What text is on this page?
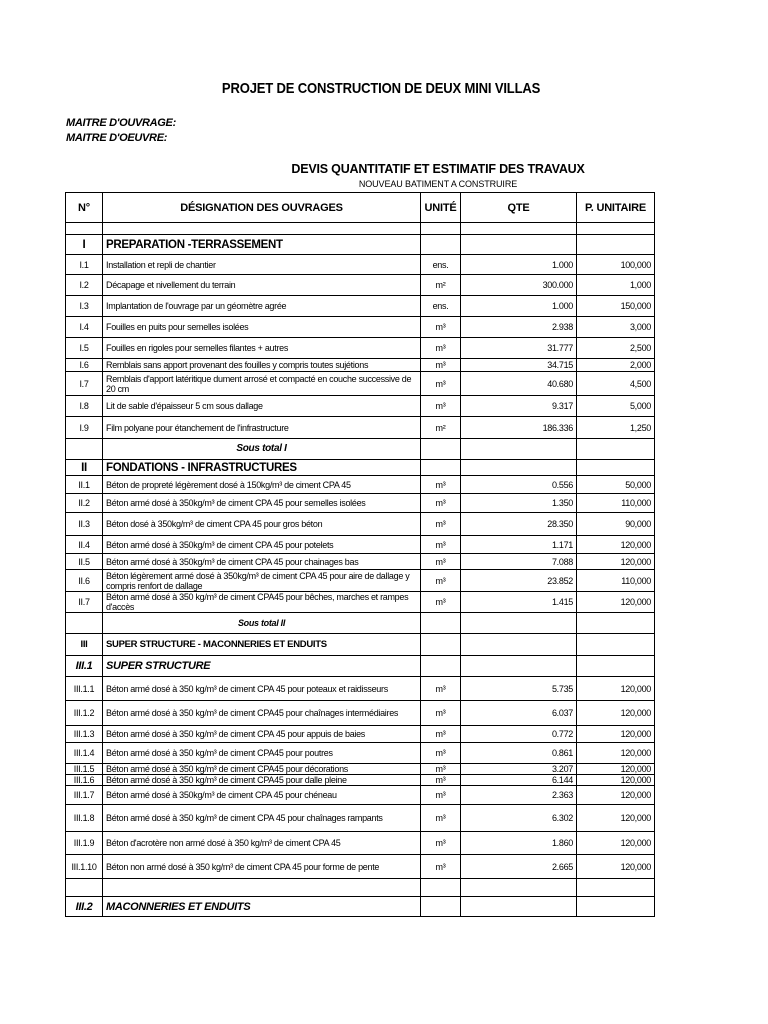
PROJET DE CONSTRUCTION DE DEUX MINI VILLAS
MAITRE D'OUVRAGE:
MAITRE D'OEUVRE:
DEVIS QUANTITATIF ET ESTIMATIF DES TRAVAUX
NOUVEAU BATIMENT A CONSTRUIRE
N°	DÉSIGNATION DES OUVRAGES	UNITÉ	QTE	P. UNITAIRE

I	PREPARATION -TERRASSEMENT			
I.1	Installation et repli de chantier	ens.	1.000	100,000
I.2	Décapage et nivellement du terrain	m²	300.000	1,000
I.3	Implantation de l'ouvrage par un géomètre agrée	ens.	1.000	150,000
I.4	Fouilles en puits pour semelles isolées	m³	2.938	3,000
I.5	Fouilles en rigoles pour semelles filantes + autres	m³	31.777	2,500
I.6	Remblais sans apport provenant des fouilles y compris toutes sujétions	m³	34.715	2,000
I.7	Remblais d'apport latéritique dument arrosé et compacté en couche successive de 20 cm	m³	40.680	4,500
I.8	Lit de sable d'épaisseur 5 cm sous dallage	m³	9.317	5,000
I.9	Film polyane pour étanchement de l'infrastructure	m²	186.336	1,250
	Sous total I			
II	FONDATIONS - INFRASTRUCTURES			
II.1	Béton de propreté légèrement dosé à 150kg/m³ de ciment CPA 45	m³	0.556	50,000
II.2	Béton armé dosé à 350kg/m³ de ciment CPA 45 pour semelles isolées	m³	1.350	110,000
II.3	Béton dosé à 350kg/m³ de ciment CPA 45 pour gros béton	m³	28.350	90,000
II.4	Béton armé dosé à 350kg/m³ de ciment CPA 45 pour potelets	m³	1.171	120,000
II.5	Béton armé dosé à 350kg/m³ de ciment CPA 45 pour chainages bas	m³	7.088	120,000
II.6	Béton légèrement armé dosé à 350kg/m³ de ciment CPA 45 pour aire de dallage y compris renfort de dallage	m³	23.852	110,000
II.7	Béton armé dosé à 350 kg/m³ de ciment CPA45 pour bêches, marches et rampes d'accès	m³	1.415	120,000
	Sous total II			
III	SUPER STRUCTURE - MACONNERIES ET ENDUITS			
III.1	SUPER STRUCTURE			
III.1.1	Béton armé dosé à 350 kg/m³ de ciment CPA 45 pour poteaux et raidisseurs	m³	5.735	120,000
III.1.2	Béton armé dosé à 350 kg/m³ de ciment CPA45 pour chaînages intermédiaires	m³	6.037	120,000
III.1.3	Béton armé dosé à 350 kg/m³ de ciment CPA 45 pour appuis de baies	m³	0.772	120,000
III.1.4	Béton armé dosé à 350 kg/m³ de ciment CPA45 pour poutres	m³	0.861	120,000
III.1.5	Béton armé dosé à 350 kg/m³ de ciment CPA45 pour décorations	m³	3.207	120,000
III.1.6	Béton armé dosé à 350 kg/m³ de ciment CPA45 pour dalle pleine	m³	6.144	120,000
III.1.7	Béton armé dosé à 350kg/m³ de ciment CPA 45 pour chéneau	m³	2.363	120,000
III.1.8	Béton armé dosé à 350 kg/m³ de ciment CPA 45 pour chaînages rampants	m³	6.302	120,000
III.1.9	Béton d'acrotère non armé dosé à 350 kg/m³ de ciment CPA 45	m³	1.860	120,000
III.1.10	Béton non armé dosé à 350 kg/m³ de ciment CPA 45 pour forme de pente	m³	2.665	120,000

III.2	MACONNERIES ET ENDUITS			
